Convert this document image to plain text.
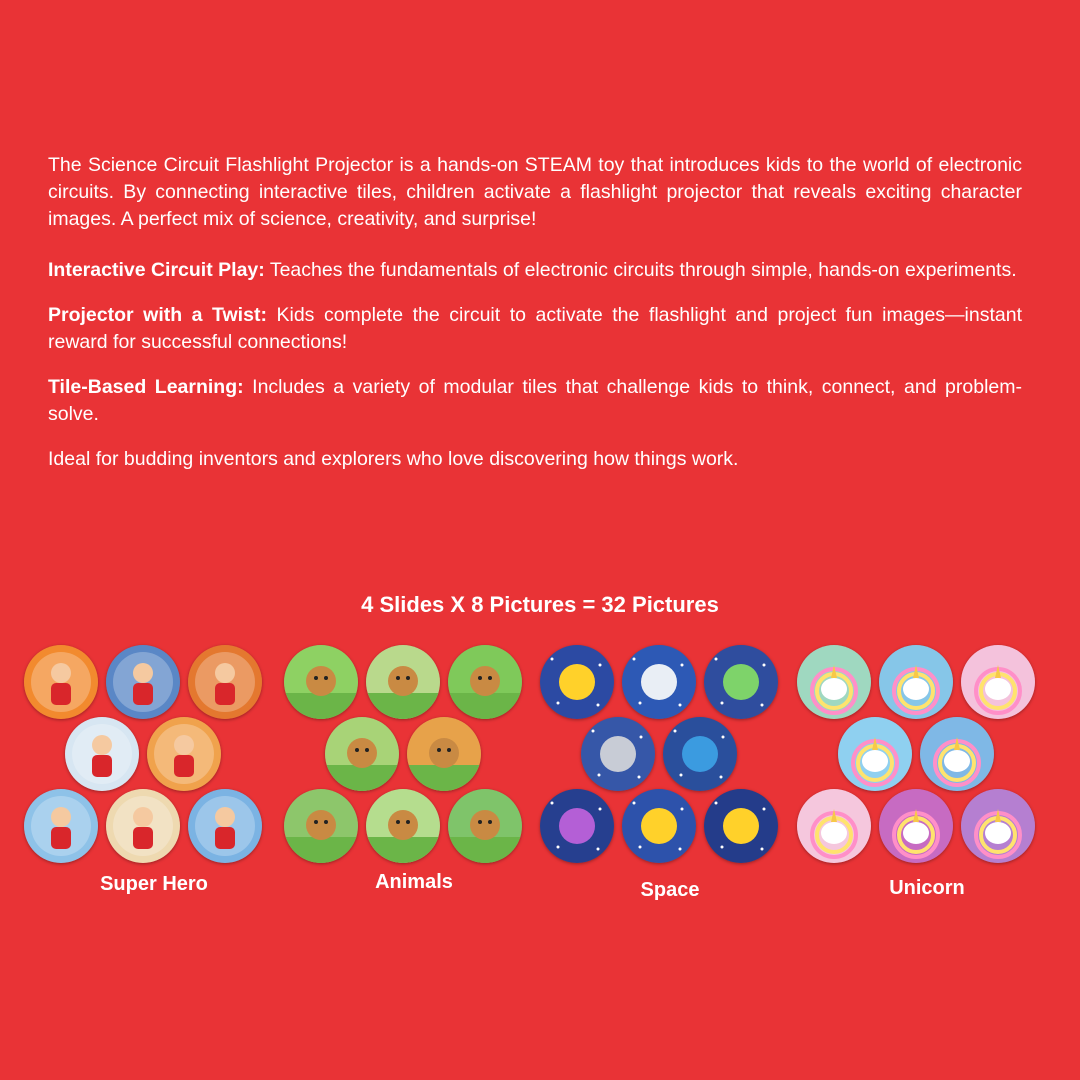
The Science Circuit Flashlight Projector is a hands-on STEAM toy that introduces kids to the world of electronic circuits. By connecting interactive tiles, children activate a flashlight projector that reveals exciting character images. A perfect mix of science, creativity, and surprise!

Interactive Circuit Play: Teaches the fundamentals of electronic circuits through simple, hands-on experiments.

Projector with a Twist: Kids complete the circuit to activate the flashlight and project fun images—instant reward for successful connections!

Tile-Based Learning: Includes a variety of modular tiles that challenge kids to think, connect, and problem-solve.

Ideal for budding inventors and explorers who love discovering how things work.

4 Slides X 8 Pictures = 32 Pictures
Super Hero	Animals	Space	Unicorn
